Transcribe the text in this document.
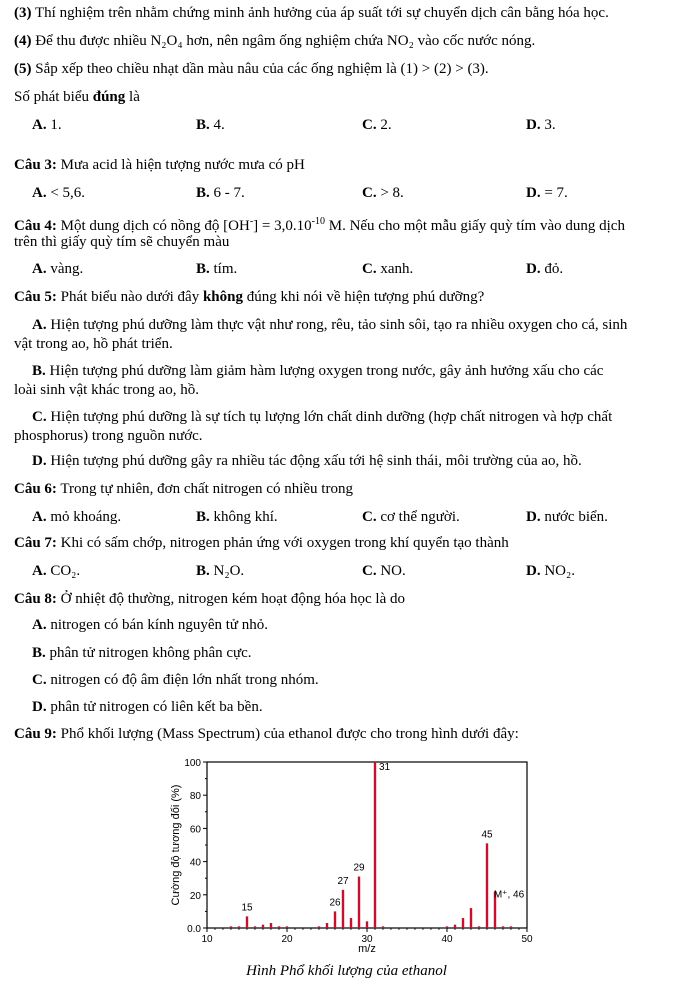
(3) Thí nghiệm trên nhằm chứng minh ảnh hưởng của áp suất tới sự chuyển dịch cân bằng hóa học.
(4) Để thu được nhiều N₂O₄ hơn, nên ngâm ống nghiệm chứa NO₂ vào cốc nước nóng.
(5) Sắp xếp theo chiều nhạt dần màu nâu của các ống nghiệm là (1) > (2) > (3).
Số phát biểu đúng là
A. 1.	B. 4.	C. 2.	D. 3.
Câu 3: Mưa acid là hiện tượng nước mưa có pH
A. < 5,6.	B. 6 - 7.	C. > 8.	D. = 7.
Câu 4: Một dung dịch có nồng độ $[OH^-] = 3,0.10^{-10}$ M. Nếu cho một mẫu giấy quỳ tím vào dung dịch
trên thì giấy quỳ tím sẽ chuyển màu
A. vàng.	B. tím.	C. xanh.	D. đỏ.
Câu 5: Phát biểu nào dưới đây không đúng khi nói về hiện tượng phú dưỡng?
A. Hiện tượng phú dưỡng làm thực vật như rong, rêu, tảo sinh sôi, tạo ra nhiều oxygen cho cá, sinh
vật trong ao, hồ phát triển.
B. Hiện tượng phú dưỡng làm giảm hàm lượng oxygen trong nước, gây ảnh hưởng xấu cho các
loài sinh vật khác trong ao, hồ.
C. Hiện tượng phú dưỡng là sự tích tụ lượng lớn chất dinh dưỡng (hợp chất nitrogen và hợp chất
phosphorus) trong nguồn nước.
D. Hiện tượng phú dưỡng gây ra nhiều tác động xấu tới hệ sinh thái, môi trường của ao, hồ.
Câu 6: Trong tự nhiên, đơn chất nitrogen có nhiều trong
A. mỏ khoáng.	B. không khí.	C. cơ thể người.	D. nước biển.
Câu 7: Khi có sấm chớp, nitrogen phản ứng với oxygen trong khí quyển tạo thành
A. CO₂.	B. N₂O.	C. NO.	D. NO₂.
Câu 8: Ở nhiệt độ thường, nitrogen kém hoạt động hóa học là do
A. nitrogen có bán kính nguyên tử nhỏ.
B. phân tử nitrogen không phân cực.
C. nitrogen có độ âm điện lớn nhất trong nhóm.
D. phân tử nitrogen có liên kết ba bền.
Câu 9: Phổ khối lượng (Mass Spectrum) của ethanol được cho trong hình dưới đây:
0.0
20
40
60
80
100
10	20	30	40	50
m/z
Cường độ tương đối (%)
15	26
27
29
31
45
M⁺, 46
Hình Phổ khối lượng của ethanol
